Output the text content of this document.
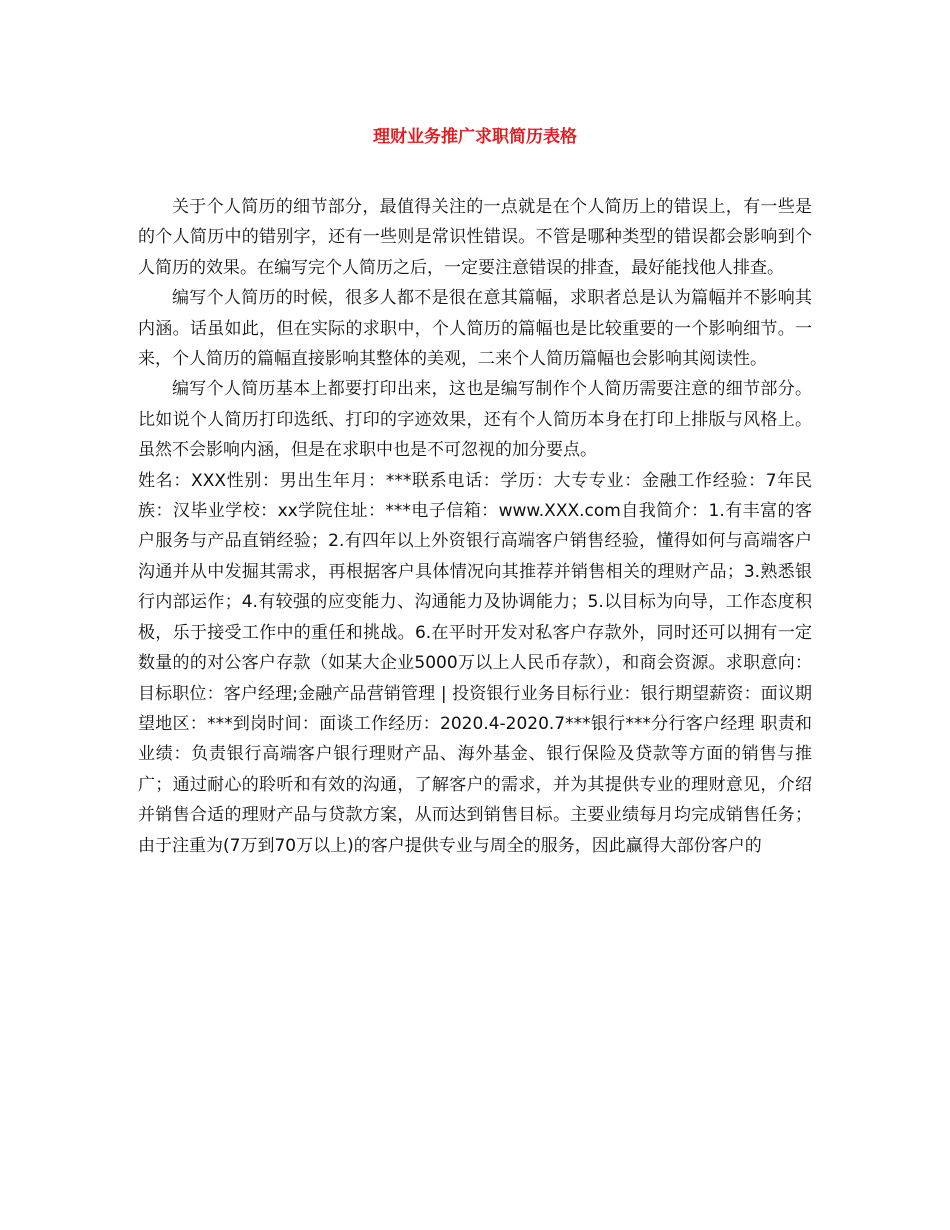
理财业务推广求职简历表格

关于个人简历的细节部分，最值得关注的一点就是在个人简历上的错误上，有一些是的个人简历中的错别字，还有一些则是常识性错误。不管是哪种类型的错误都会影响到个人简历的效果。在编写完个人简历之后，一定要注意错误的排查，最好能找他人排查。

编写个人简历的时候，很多人都不是很在意其篇幅，求职者总是认为篇幅并不影响其内涵。话虽如此，但在实际的求职中，个人简历的篇幅也是比较重要的一个影响细节。一来，个人简历的篇幅直接影响其整体的美观，二来个人简历篇幅也会影响其阅读性。

编写个人简历基本上都要打印出来，这也是编写制作个人简历需要注意的细节部分。比如说个人简历打印选纸、打印的字迹效果，还有个人简历本身在打印上排版与风格上。虽然不会影响内涵，但是在求职中也是不可忽视的加分要点。

姓名：XXX性别：男出生年月：***联系电话：学历：大专专业：金融工作经验：7年民族：汉毕业学校：xx学院住址：***电子信箱：www.XXX.com自我简介：1.有丰富的客户服务与产品直销经验；2.有四年以上外资银行高端客户销售经验，懂得如何与高端客户沟通并从中发掘其需求，再根据客户具体情况向其推荐并销售相关的理财产品；3.熟悉银行内部运作；4.有较强的应变能力、沟通能力及协调能力；5.以目标为向导，工作态度积极，乐于接受工作中的重任和挑战。6.在平时开发对私客户存款外，同时还可以拥有一定数量的的对公客户存款（如某大企业5000万以上人民币存款），和商会资源。求职意向：目标职位：客户经理;金融产品营销管理 | 投资银行业务目标行业：银行期望薪资：面议期望地区：***到岗时间：面谈工作经历：2020.4-2020.7***银行***分行客户经理 职责和业绩：负责银行高端客户银行理财产品、海外基金、银行保险及贷款等方面的销售与推广；通过耐心的聆听和有效的沟通，了解客户的需求，并为其提供专业的理财意见，介绍并销售合适的理财产品与贷款方案，从而达到销售目标。主要业绩每月均完成销售任务；由于注重为(7万到70万以上)的客户提供专业与周全的服务，因此赢得大部份客户的
